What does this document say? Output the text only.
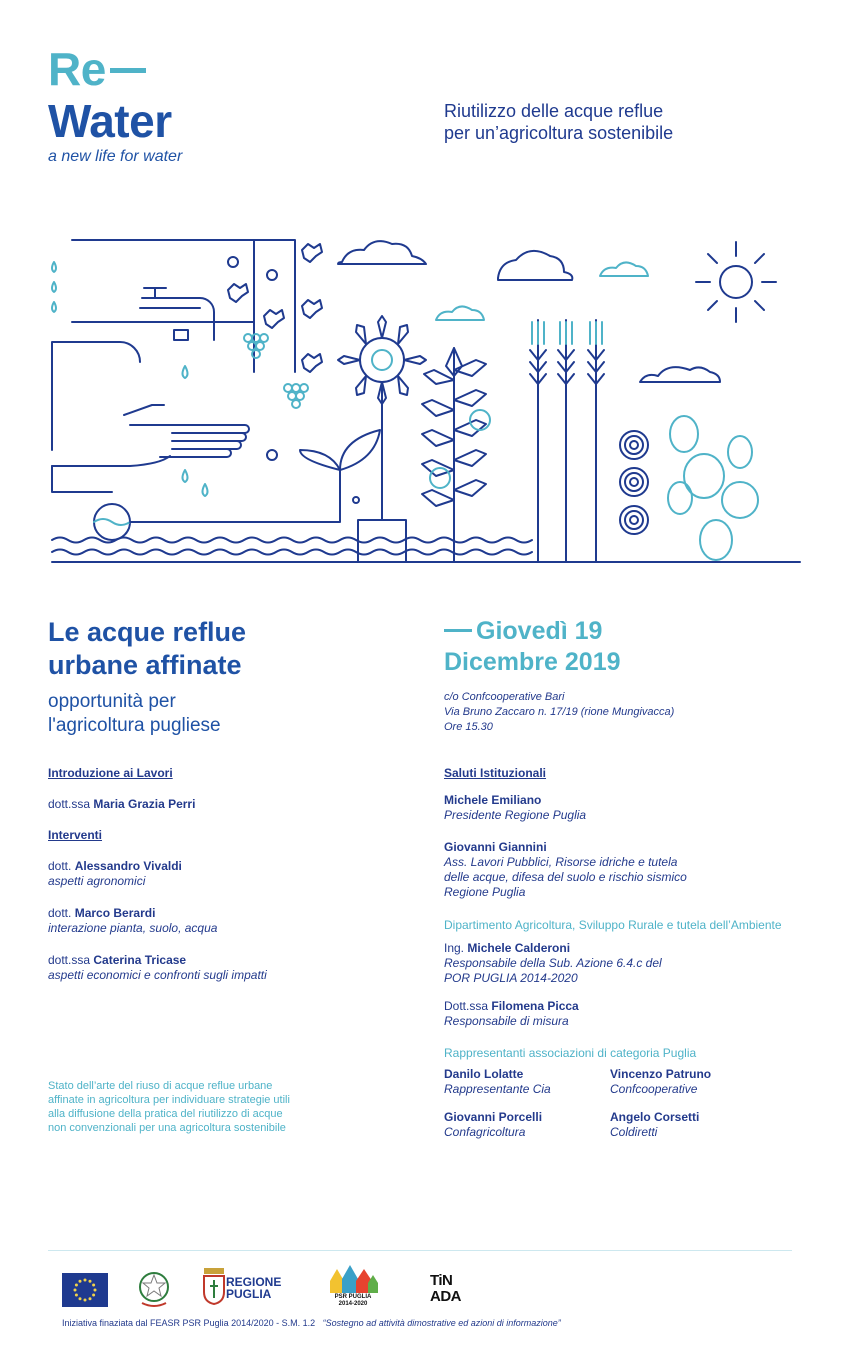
Re
Water
a new life for water
Riutilizzo delle acque reflue
per un’agricoltura sostenibile
Le acque reflue
urbane affinate
opportunità per
l'agricoltura pugliese
Giovedì 19
Dicembre 2019
c/o Confcooperative Bari
Via Bruno Zaccaro n. 17/19 (rione Mungivacca)
Ore 15.30
Introduzione ai Lavori
dott.ssa Maria Grazia Perri
Interventi
dott. Alessandro Vivaldi
aspetti agronomici
dott. Marco Berardi
interazione pianta, suolo, acqua
dott.ssa Caterina Tricase
aspetti economici e confronti sugli impatti
Stato dell’arte del riuso di acque reflue urbane affinate in agricoltura per individuare strategie utili alla diffusione della pratica del riutilizzo di acque non convenzionali per una agricoltura sostenibile
Saluti Istituzionali
Michele Emiliano
Presidente Regione Puglia
Giovanni Giannini
Ass. Lavori Pubblici, Risorse idriche e tutela
delle acque, difesa del suolo e rischio sismico
Regione Puglia
Dipartimento Agricoltura, Sviluppo Rurale e tutela dell’Ambiente
Ing. Michele Calderoni
Responsabile della Sub. Azione 6.4.c del
POR PUGLIA 2014-2020
Dott.ssa Filomena Picca
Responsabile di misura
Rappresentanti associazioni di categoria Puglia
Danilo Lolatte
Rappresentante Cia
Vincenzo Patruno
Confcooperative
Giovanni Porcelli
Confagricoltura
Angelo Corsetti
Coldiretti
REGIONE
PUGLIA	PSR PUGLIA
2014-2020
TiN
ADA
Iniziativa finaziata dal FEASR PSR Puglia 2014/2020 - S.M. 1.2 “Sostegno ad attività dimostrative ed azioni di informazione”
